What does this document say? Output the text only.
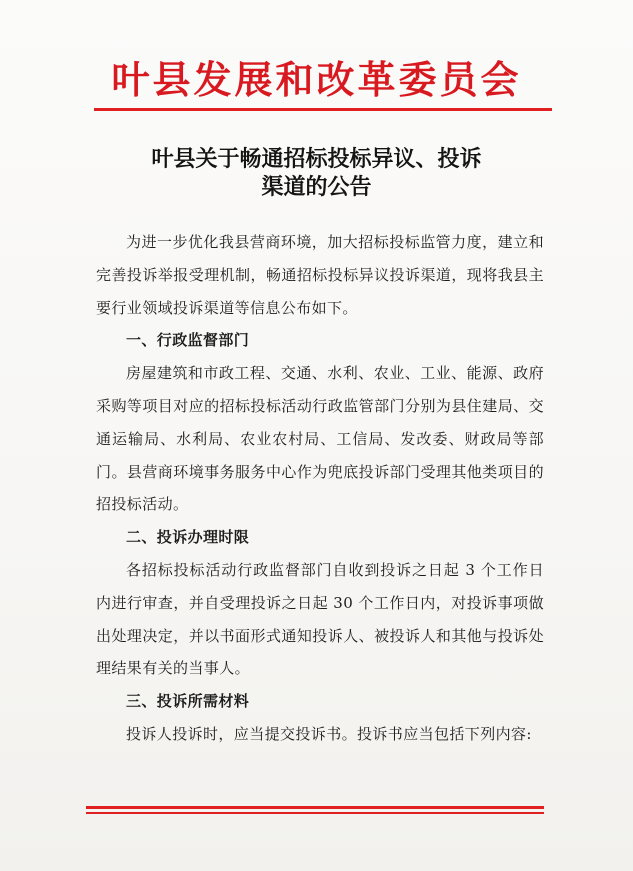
叶县发展和改革委员会
叶县关于畅通招标投标异议、投诉
渠道的公告

为进一步优化我县营商环境，加大招标投标监管力度，建立和完善投诉举报受理机制，畅通招标投标异议投诉渠道，现将我县主要行业领域投诉渠道等信息公布如下。

一、行政监督部门

房屋建筑和市政工程、交通、水利、农业、工业、能源、政府采购等项目对应的招标投标活动行政监管部门分别为县住建局、交通运输局、水利局、农业农村局、工信局、发改委、财政局等部门。县营商环境事务服务中心作为兜底投诉部门受理其他类项目的招投标活动。

二、投诉办理时限

各招标投标活动行政监督部门自收到投诉之日起 3 个工作日内进行审查，并自受理投诉之日起 30 个工作日内，对投诉事项做出处理决定，并以书面形式通知投诉人、被投诉人和其他与投诉处理结果有关的当事人。

三、投诉所需材料

投诉人投诉时，应当提交投诉书。投诉书应当包括下列内容:
